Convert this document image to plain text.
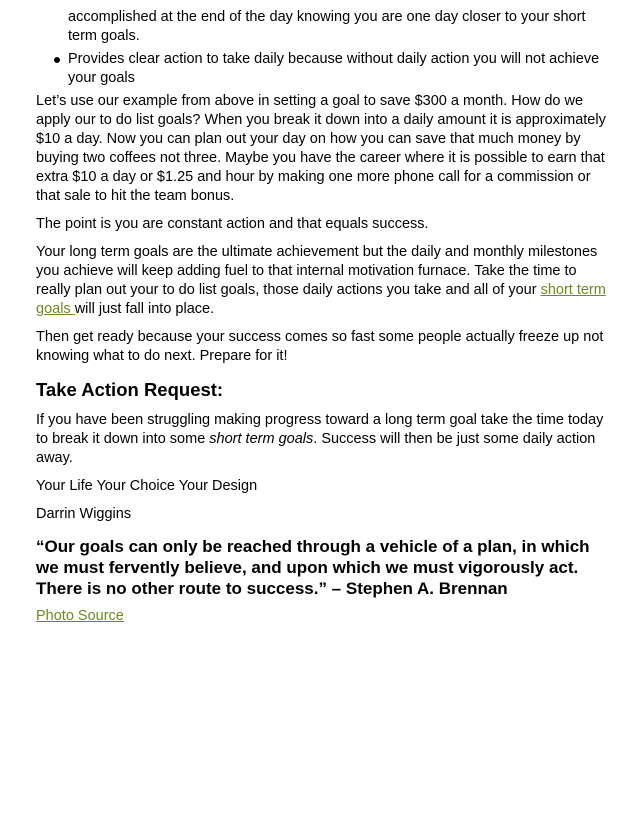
accomplished at the end of the day knowing you are one day closer to your short term goals.
Provides clear action to take daily because without daily action you will not achieve your goals

Let’s use our example from above in setting a goal to save $300 a month. How do we apply our to do list goals? When you break it down into a daily amount it is approximately $10 a day. Now you can plan out your day on how you can save that much money by buying two coffees not three. Maybe you have the career where it is possible to earn that extra $10 a day or $1.25 and hour by making one more phone call for a commission or that sale to hit the team bonus.

The point is you are constant action and that equals success.

Your long term goals are the ultimate achievement but the daily and monthly milestones you achieve will keep adding fuel to that internal motivation furnace. Take the time to really plan out your to do list goals, those daily actions you take and all of your short term goals will just fall into place.

Then get ready because your success comes so fast some people actually freeze up not knowing what to do next. Prepare for it!

Take Action Request:

If you have been struggling making progress toward a long term goal take the time today to break it down into some short term goals. Success will then be just some daily action away.

Your Life Your Choice Your Design

Darrin Wiggins

“Our goals can only be reached through a vehicle of a plan, in which we must fervently believe, and upon which we must vigorously act. There is no other route to success.” – Stephen A. Brennan

Photo Source
